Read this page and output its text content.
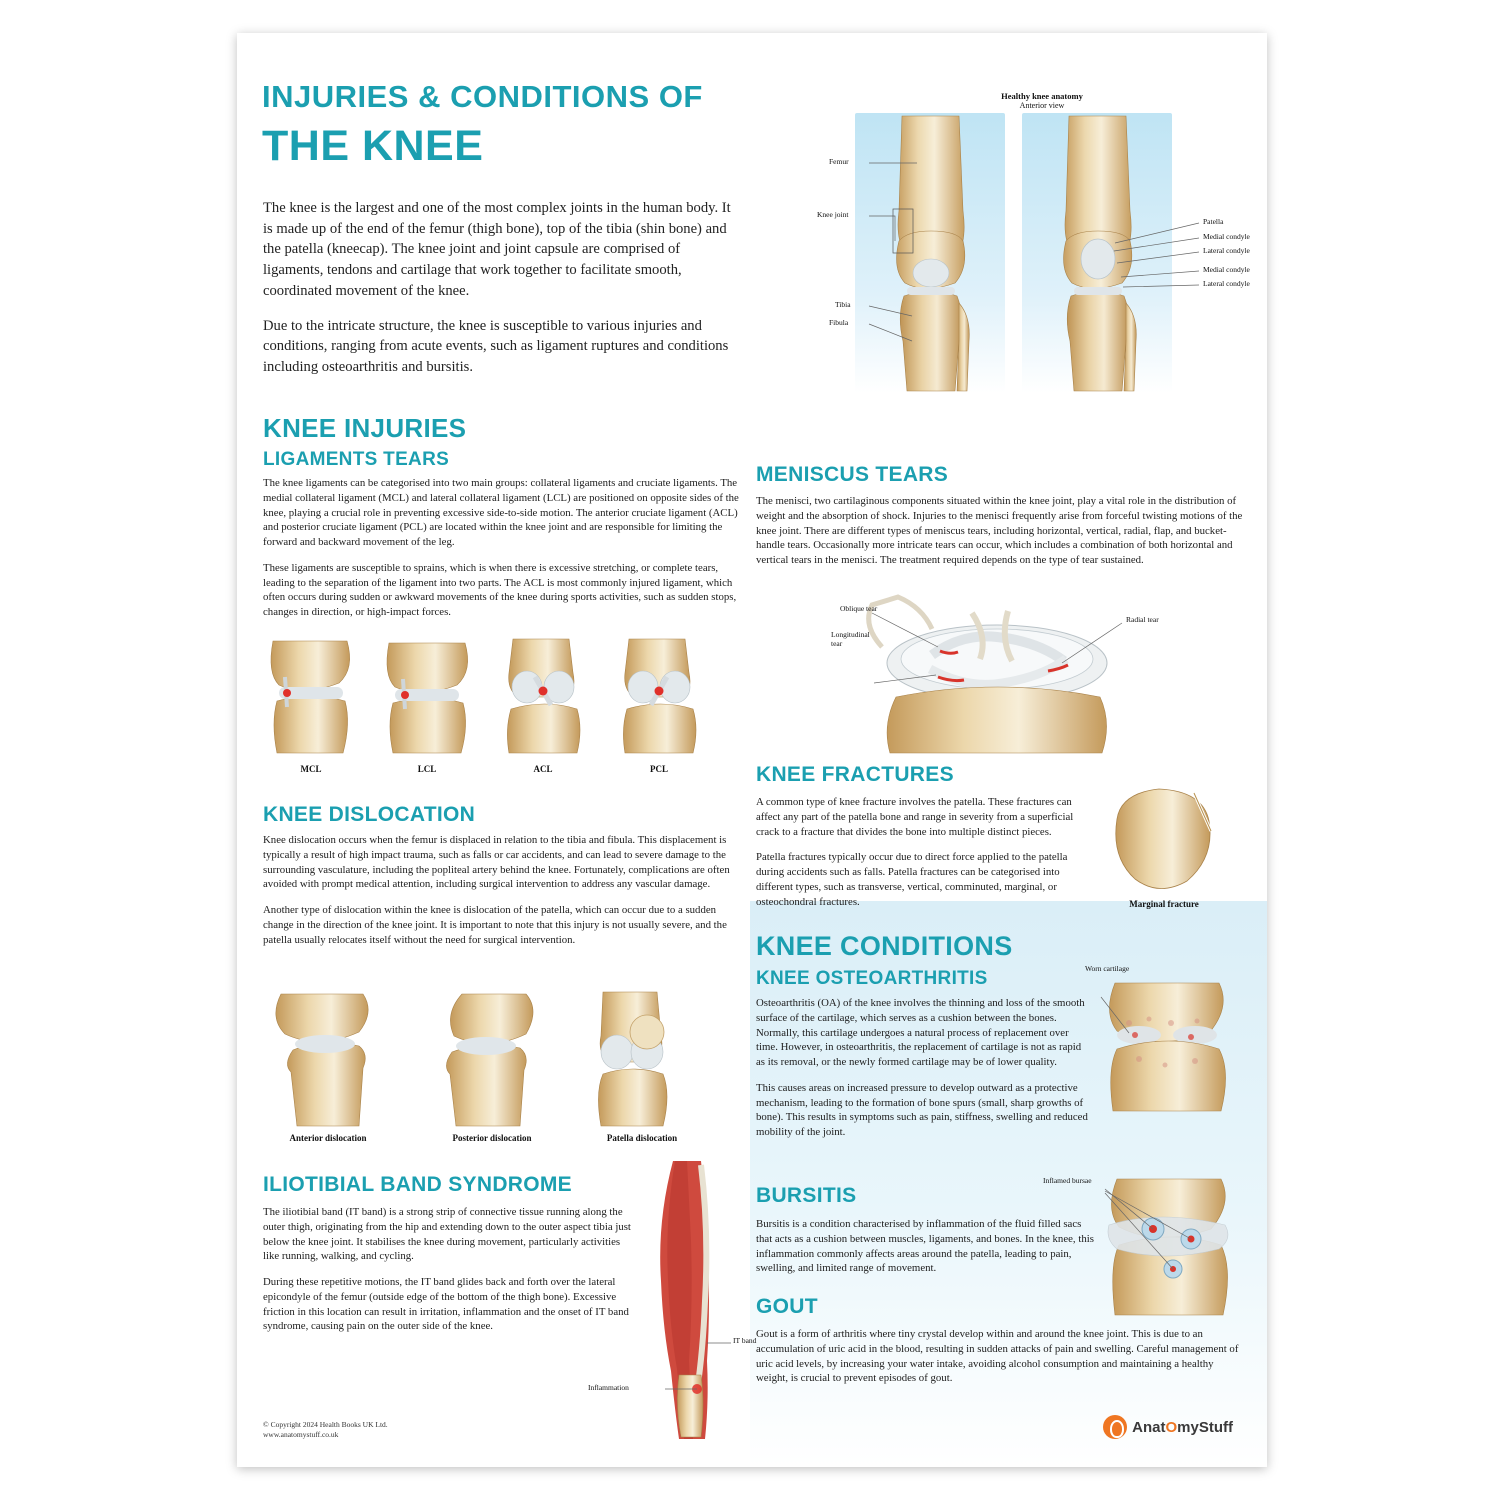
INJURIES & CONDITIONS OF
THE KNEE

The knee is the largest and one of the most complex joints in the human body. It is made up of the end of the femur (thigh bone), top of the tibia (shin bone) and the patella (kneecap). The knee joint and joint capsule are comprised of ligaments, tendons and cartilage that work together to facilitate smooth, coordinated movement of the knee.

Due to the intricate structure, the knee is susceptible to various injuries and conditions, ranging from acute events, such as ligament ruptures and conditions including osteoarthritis and bursitis.

Healthy knee anatomy
Anterior view
Femur
Knee joint
Tibia
Fibula
Patella
Medial condyle
Lateral condyle
Medial condyle
Lateral condyle
KNEE INJURIES
LIGAMENTS TEARS

The knee ligaments can be categorised into two main groups: collateral ligaments and cruciate ligaments. The medial collateral ligament (MCL) and lateral collateral ligament (LCL) are positioned on opposite sides of the knee, playing a crucial role in preventing excessive side-to-side motion. The anterior cruciate ligament (ACL) and posterior cruciate ligament (PCL) are located within the knee joint and are responsible for limiting the forward and backward movement of the leg.

These ligaments are susceptible to sprains, which is when there is excessive stretching, or complete tears, leading to the separation of the ligament into two parts. The ACL is most commonly injured ligament, which often occurs during sudden or awkward movements of the knee during sports activities, such as sudden stops, changes in direction, or high-impact forces.

MCL	LCL	ACL	PCL
KNEE DISLOCATION

Knee dislocation occurs when the femur is displaced in relation to the tibia and fibula. This displacement is typically a result of high impact trauma, such as falls or car accidents, and can lead to severe damage to the surrounding vasculature, including the popliteal artery behind the knee. Fortunately, complications are often avoided with prompt medical attention, including surgical intervention to address any vascular damage.

Another type of dislocation within the knee is dislocation of the patella, which can occur due to a sudden change in the direction of the knee joint. It is important to note that this injury is not usually severe, and the patella usually relocates itself without the need for surgical intervention.

Anterior dislocation	Posterior dislocation	Patella dislocation
ILIOTIBIAL BAND SYNDROME

The iliotibial band (IT band) is a strong strip of connective tissue running along the outer thigh, originating from the hip and extending down to the outer aspect tibia just below the knee joint. It stabilises the knee during movement, particularly activities like running, walking, and cycling.

During these repetitive motions, the IT band glides back and forth over the lateral epicondyle of the femur (outside edge of the bottom of the thigh bone). Excessive friction in this location can result in irritation, inflammation and the onset of IT band syndrome, causing pain on the outer side of the knee.

IT band
Inflammation
MENISCUS TEARS

The menisci, two cartilaginous components situated within the knee joint, play a vital role in the distribution of weight and the absorption of shock. Injuries to the menisci frequently arise from forceful twisting motions of the knee joint. There are different types of meniscus tears, including horizontal, vertical, radial, flap, and bucket-handle tears. Occasionally more intricate tears can occur, which includes a combination of both horizontal and vertical tears in the menisci. The treatment required depends on the type of tear sustained.

Oblique tear
Radial tear
Longitudinal tear
KNEE FRACTURES

A common type of knee fracture involves the patella. These fractures can affect any part of the patella bone and range in severity from a superficial crack to a fracture that divides the bone into multiple distinct pieces.

Patella fractures typically occur due to direct force applied to the patella during accidents such as falls. Patella fractures can be categorised into different types, such as transverse, vertical, comminuted, marginal, or osteochondral fractures.	Marginal fracture
KNEE CONDITIONS
KNEE OSTEOARTHRITIS

Osteoarthritis (OA) of the knee involves the thinning and loss of the smooth surface of the cartilage, which serves as a cushion between the bones. Normally, this cartilage undergoes a natural process of replacement over time. However, in osteoarthritis, the replacement of cartilage is not as rapid as its removal, or the newly formed cartilage may be of lower quality.

This causes areas on increased pressure to develop outward as a protective mechanism, leading to the formation of bone spurs (small, sharp growths of bone). This results in symptoms such as pain, stiffness, swelling and reduced mobility of the joint.

Worn cartilage
BURSITIS

Bursitis is a condition characterised by inflammation of the fluid filled sacs that acts as a cushion between muscles, ligaments, and bones. In the knee, this inflammation commonly affects areas around the patella, leading to pain, swelling, and limited range of movement.

Inflamed bursae
GOUT

Gout is a form of arthritis where tiny crystal develop within and around the knee joint. This is due to an accumulation of uric acid in the blood, resulting in sudden attacks of pain and swelling. Careful management of uric acid levels, by increasing your water intake, avoiding alcohol consumption and maintaining a healthy weight, is crucial to prevent episodes of gout.

© Copyright 2024 Health Books UK Ltd.
www.anatomystuff.co.uk	AnatOmyStuff
